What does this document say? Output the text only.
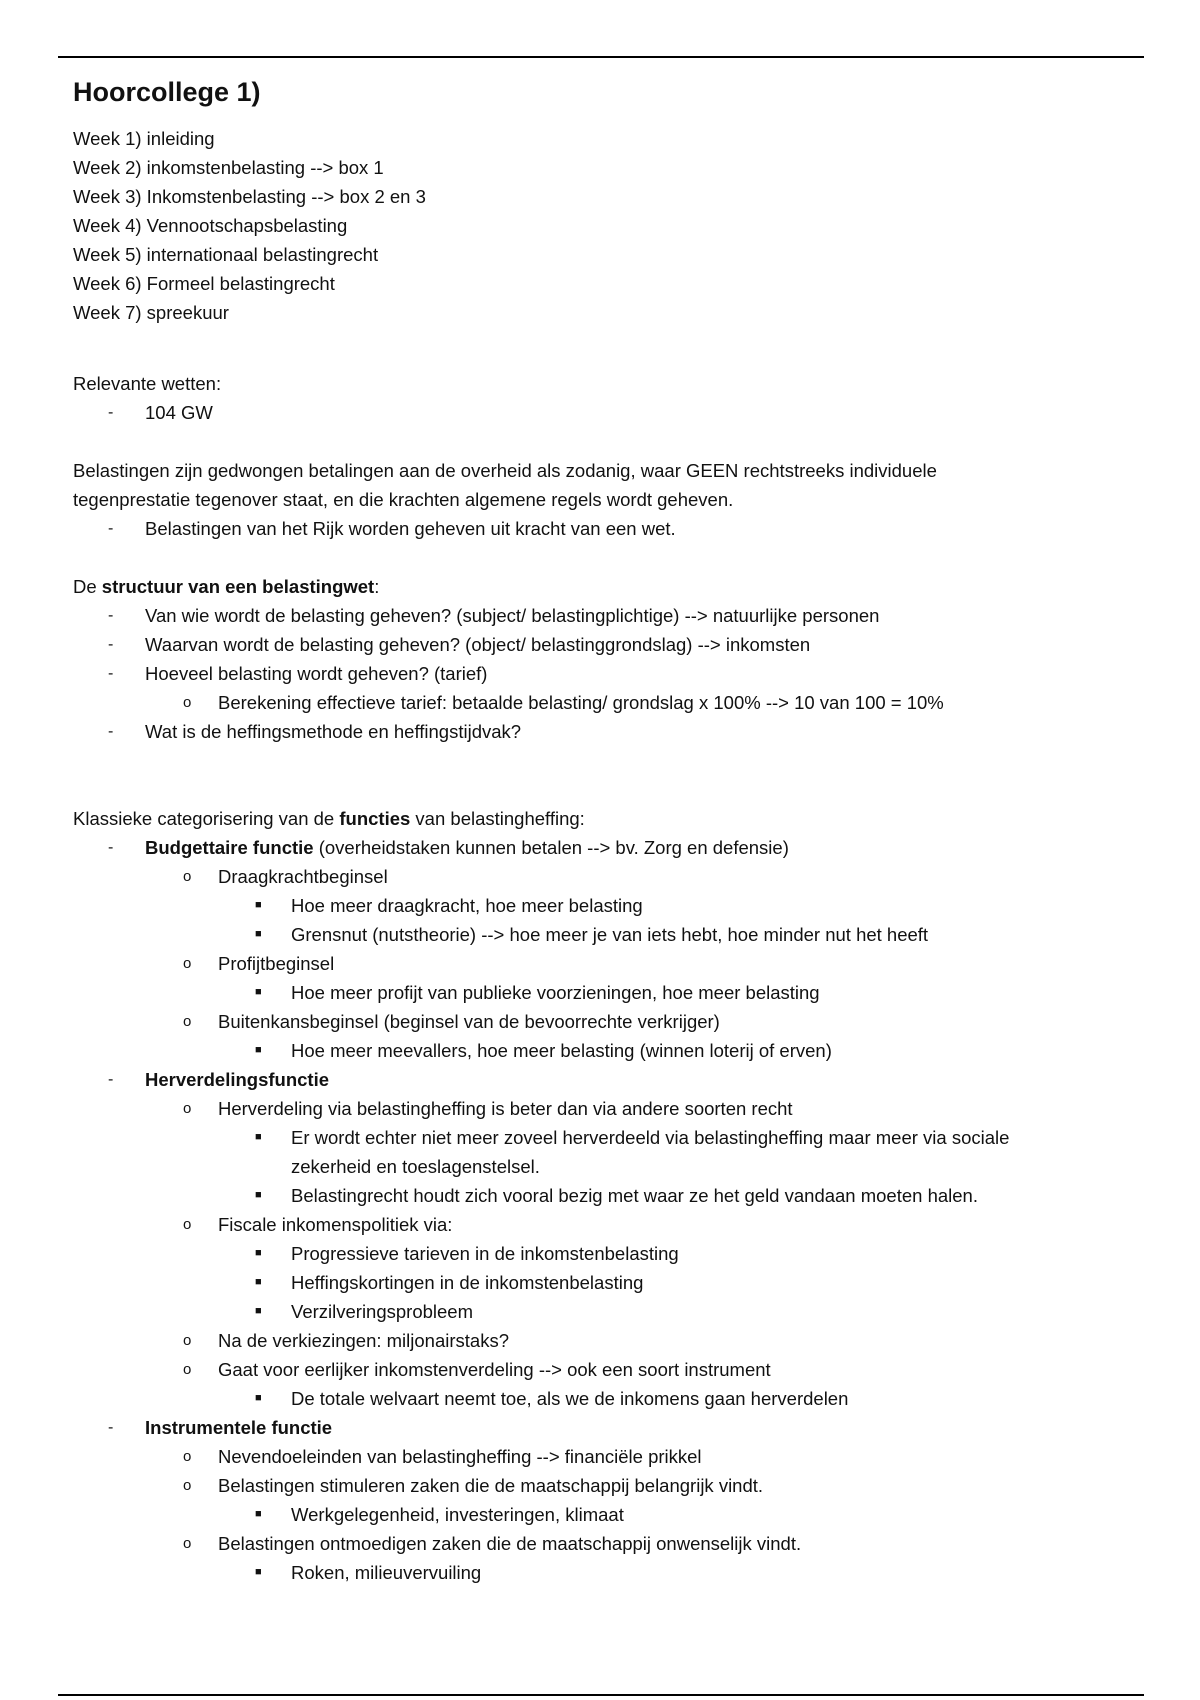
Hoorcollege 1)
Week 1) inleiding
Week 2) inkomstenbelasting --> box 1
Week 3) Inkomstenbelasting --> box 2 en 3
Week 4) Vennootschapsbelasting
Week 5) internationaal belastingrecht
Week 6) Formeel belastingrecht
Week 7) spreekuur
Relevante wetten:
- 104 GW
Belastingen zijn gedwongen betalingen aan de overheid als zodanig, waar GEEN rechtstreeks individuele
tegenprestatie tegenover staat, en die krachten algemene regels wordt geheven.
- Belastingen van het Rijk worden geheven uit kracht van een wet.
De structuur van een belastingwet:
- Van wie wordt de belasting geheven? (subject/ belastingplichtige) --> natuurlijke personen
- Waarvan wordt de belasting geheven? (object/ belastinggrondslag) --> inkomsten
- Hoeveel belasting wordt geheven? (tarief)
o Berekening effectieve tarief: betaalde belasting/ grondslag x 100% --> 10 van 100 = 10%
- Wat is de heffingsmethode en heffingstijdvak?
Klassieke categorisering van de functies van belastingheffing:
- Budgettaire functie (overheidstaken kunnen betalen --> bv. Zorg en defensie)
o Draagkrachtbeginsel
■ Hoe meer draagkracht, hoe meer belasting
■ Grensnut (nutstheorie) --> hoe meer je van iets hebt, hoe minder nut het heeft
o Profijtbeginsel
■ Hoe meer profijt van publieke voorzieningen, hoe meer belasting
o Buitenkansbeginsel (beginsel van de bevoorrechte verkrijger)
■ Hoe meer meevallers, hoe meer belasting (winnen loterij of erven)
- Herverdelingsfunctie
o Herverdeling via belastingheffing is beter dan via andere soorten recht
■ Er wordt echter niet meer zoveel herverdeeld via belastingheffing maar meer via sociale zekerheid en toeslagenstelsel.
■ Belastingrecht houdt zich vooral bezig met waar ze het geld vandaan moeten halen.
o Fiscale inkomenspolitiek via:
■ Progressieve tarieven in de inkomstenbelasting
■ Heffingskortingen in de inkomstenbelasting
■ Verzilveringsprobleem
o Na de verkiezingen: miljonairstaks?
o Gaat voor eerlijker inkomstenverdeling --> ook een soort instrument
■ De totale welvaart neemt toe, als we de inkomens gaan herverdelen
- Instrumentele functie
o Nevendoeleinden van belastingheffing --> financiële prikkel
o Belastingen stimuleren zaken die de maatschappij belangrijk vindt.
■ Werkgelegenheid, investeringen, klimaat
o Belastingen ontmoedigen zaken die de maatschappij onwenselijk vindt.
■ Roken, milieuvervuiling
